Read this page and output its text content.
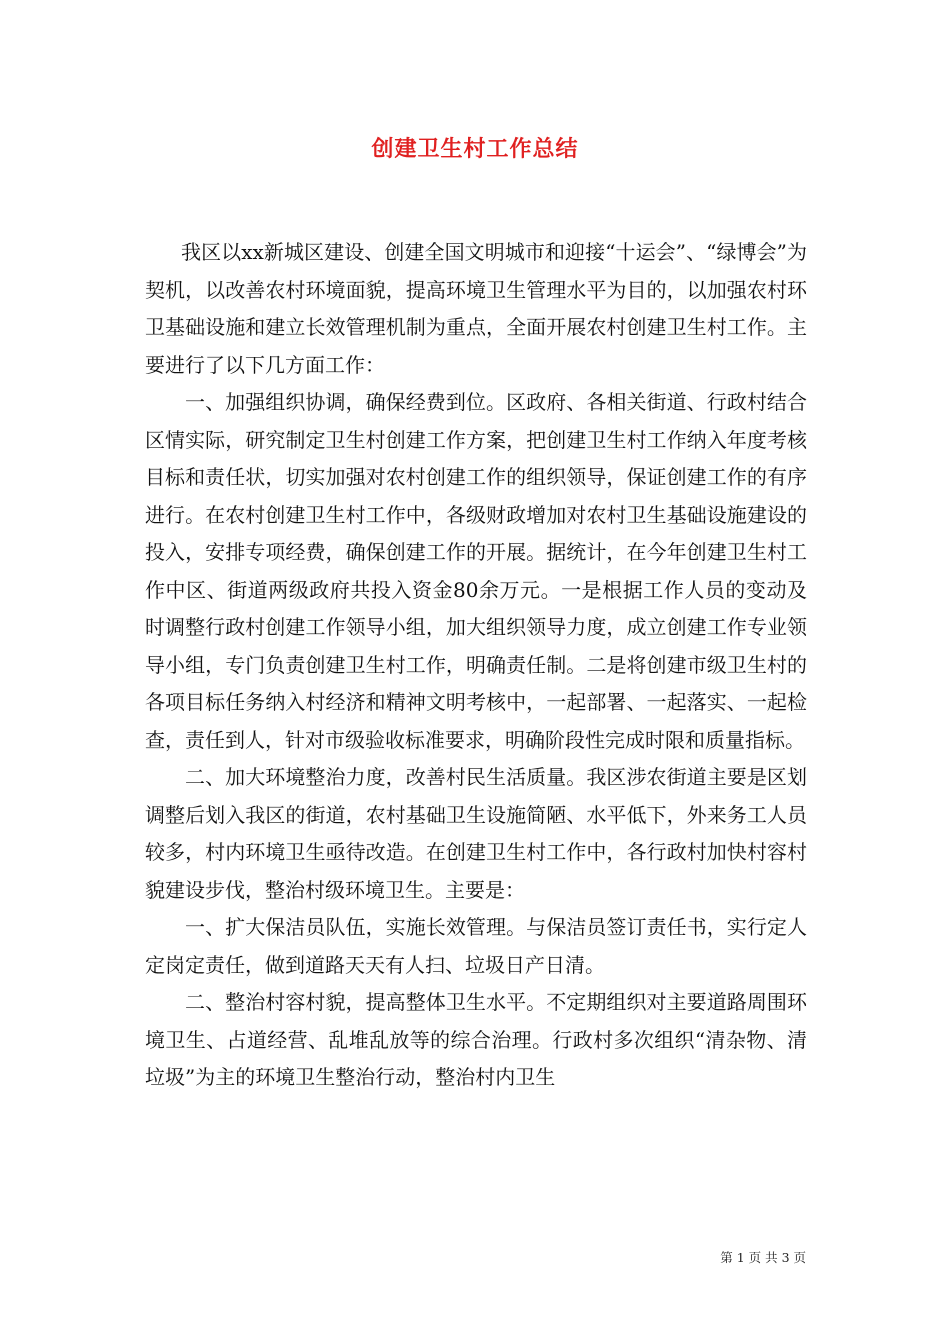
创建卫生村工作总结

我区以xx新城区建设、创建全国文明城市和迎接“十运会”、“绿博会”为契机，以改善农村环境面貌，提高环境卫生管理水平为目的，以加强农村环卫基础设施和建立长效管理机制为重点，全面开展农村创建卫生村工作。主要进行了以下几方面工作：

一、加强组织协调，确保经费到位。区政府、各相关街道、行政村结合区情实际，研究制定卫生村创建工作方案，把创建卫生村工作纳入年度考核目标和责任状，切实加强对农村创建工作的组织领导，保证创建工作的有序进行。在农村创建卫生村工作中，各级财政增加对农村卫生基础设施建设的投入，安排专项经费，确保创建工作的开展。据统计，在今年创建卫生村工作中区、街道两级政府共投入资金80余万元。一是根据工作人员的变动及时调整行政村创建工作领导小组，加大组织领导力度，成立创建工作专业领导小组，专门负责创建卫生村工作，明确责任制。二是将创建市级卫生村的各项目标任务纳入村经济和精神文明考核中，一起部署、一起落实、一起检查，责任到人，针对市级验收标准要求，明确阶段性完成时限和质量指标。

二、加大环境整治力度，改善村民生活质量。我区涉农街道主要是区划调整后划入我区的街道，农村基础卫生设施简陋、水平低下，外来务工人员较多，村内环境卫生亟待改造。在创建卫生村工作中，各行政村加快村容村貌建设步伐，整治村级环境卫生。主要是：

一、扩大保洁员队伍，实施长效管理。与保洁员签订责任书，实行定人定岗定责任，做到道路天天有人扫、垃圾日产日清。

二、整治村容村貌，提高整体卫生水平。不定期组织对主要道路周围环境卫生、占道经营、乱堆乱放等的综合治理。行政村多次组织“清杂物、清垃圾”为主的环境卫生整治行动，整治村内卫生

第 1 页 共 3 页
